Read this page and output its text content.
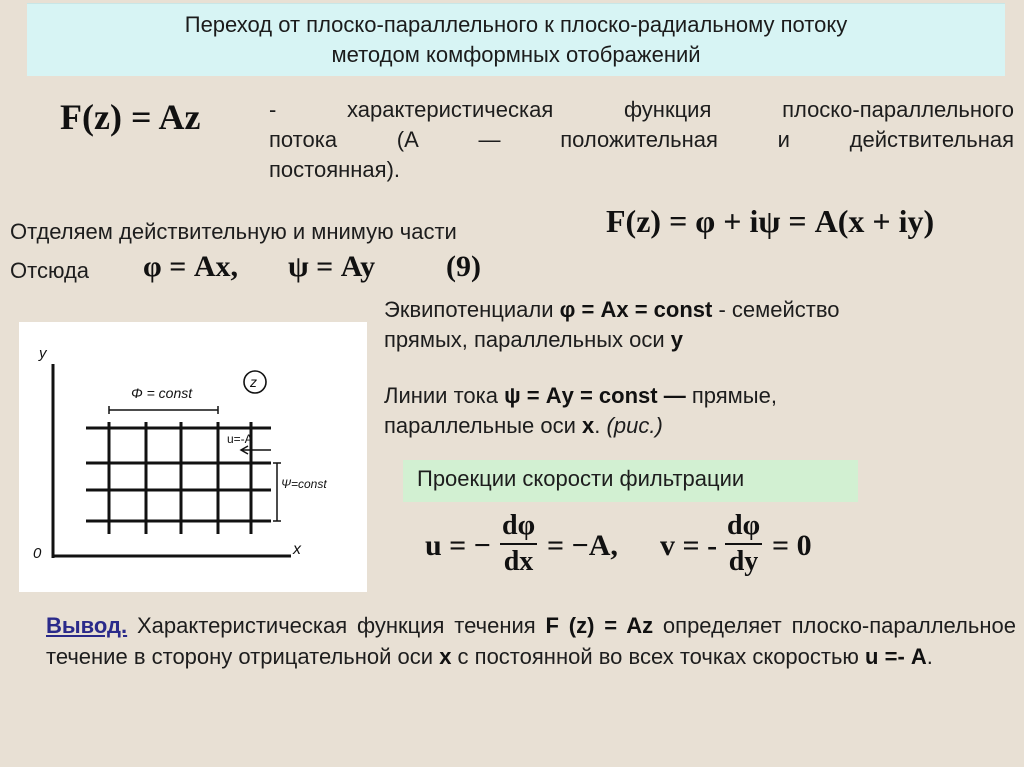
Переход от плоско-параллельного к плоско-радиальному потоку
методом комформных отображений
F(z) = Az	- характеристическая функция плоско-параллельного
потока (А — положительная и действительная
постоянная).
Отделяем действительную и мнимую части	F(z) = φ + iψ = A(x + iy)
Отсюда φ = Ax, ψ = Ay (9)
y
0	x
Φ = const
z
u=-A
Ψ=const
Эквипотенциали φ = Ах = const - семейство
прямых, параллельных оси у
Линии тока ψ = Ау = const — прямые,
параллельные оси х. (рис.)
Проекции скорости фильтрации
u = − $\frac{d\varphi}{dx} = -A$, v = - $\frac{d\varphi}{dy} = 0$
Вывод. Характеристическая функция течения F (z) = Az определяет плоско-параллельное течение в сторону отрицательной оси х с постоянной во всех точках скоростью u =- А.
